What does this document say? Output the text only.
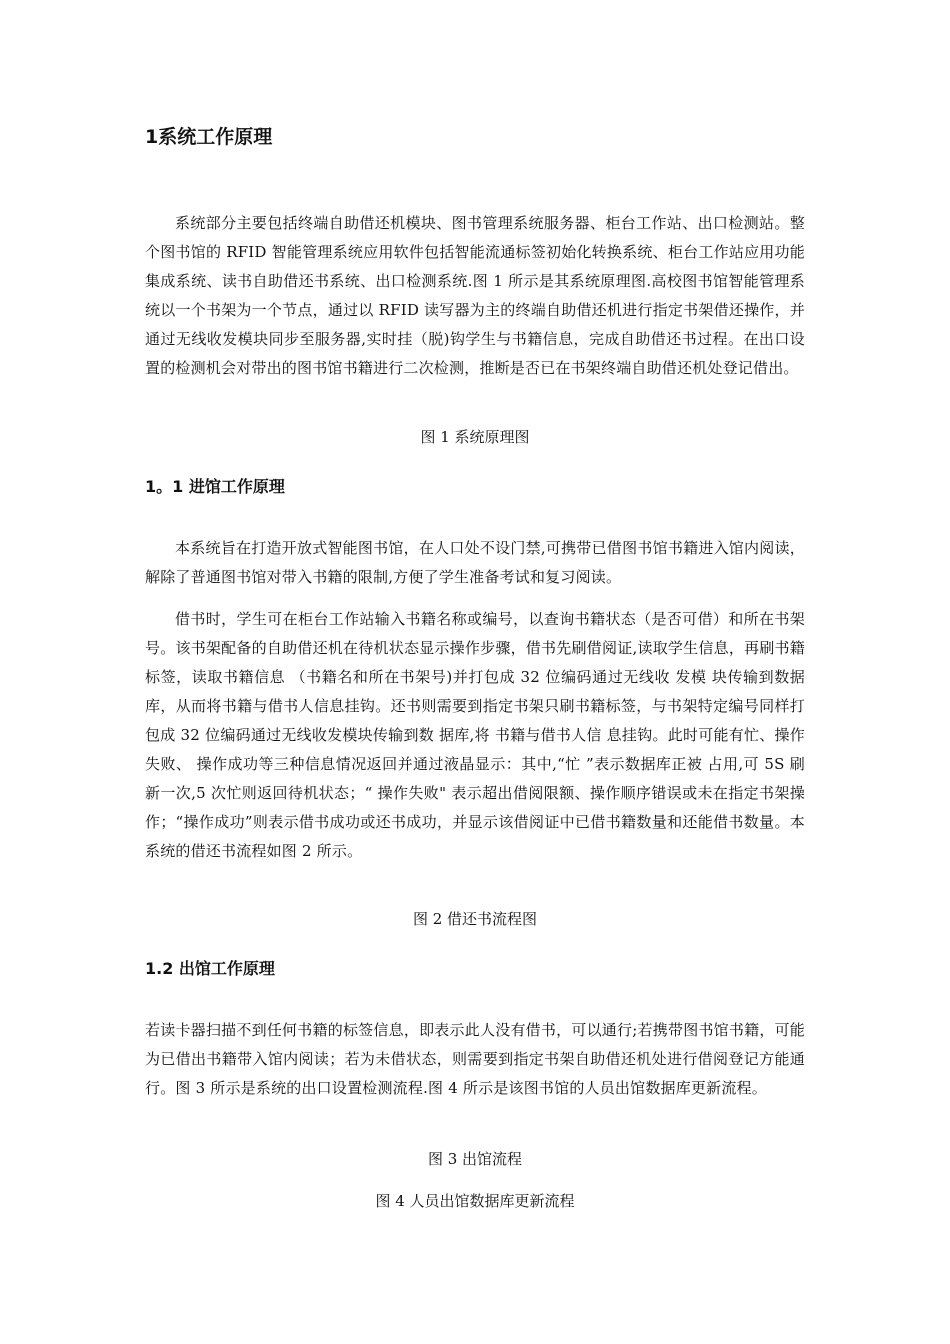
1系统工作原理

系统部分主要包括终端自助借还机模块、图书管理系统服务器、柜台工作站、出口检测站。整个图书馆的 RFID 智能管理系统应用软件包括智能流通标签初始化转换系统、柜台工作站应用功能集成系统、读书自助借还书系统、出口检测系统.图 1 所示是其系统原理图.高校图书馆智能管理系统以一个书架为一个节点，通过以 RFID 读写器为主的终端自助借还机进行指定书架借还操作，并通过无线收发模块同步至服务器,实时挂（脱)钩学生与书籍信息，完成自助借还书过程。在出口设置的检测机会对带出的图书馆书籍进行二次检测，推断是否已在书架终端自助借还机处登记借出。

图 1 系统原理图

1。1 进馆工作原理

本系统旨在打造开放式智能图书馆，在人口处不设门禁,可携带已借图书馆书籍进入馆内阅读，解除了普通图书馆对带入书籍的限制,方便了学生准备考试和复习阅读。

借书时，学生可在柜台工作站输入书籍名称或编号，以查询书籍状态（是否可借）和所在书架号。该书架配备的自助借还机在待机状态显示操作步骤，借书先刷借阅证,读取学生信息，再刷书籍标签，读取书籍信息 （书籍名和所在书架号)并打包成 32 位编码通过无线收 发模 块传输到数据库，从而将书籍与借书人信息挂钩。还书则需要到指定书架只刷书籍标签，与书架特定编号同样打包成 32 位编码通过无线收发模块传输到数 据库,将 书籍与借书人信 息挂钩。此时可能有忙、操作失败、 操作成功等三种信息情况返回并通过液晶显示：其中,“忙 ”表示数据库正被 占用,可 5S 刷新一次,5 次忙则返回待机状态；“ 操作失败" 表示超出借阅限额、操作顺序错误或未在指定书架操作；“操作成功”则表示借书成功或还书成功，并显示该借阅证中已借书籍数量和还能借书数量。本系统的借还书流程如图 2 所示。

图 2 借还书流程图

1.2 出馆工作原理

若读卡器扫描不到任何书籍的标签信息，即表示此人没有借书，可以通行;若携带图书馆书籍，可能为已借出书籍带入馆内阅读；若为未借状态，则需要到指定书架自助借还机处进行借阅登记方能通行。图 3 所示是系统的出口设置检测流程.图 4 所示是该图书馆的人员出馆数据库更新流程。

图 3 出馆流程

图 4 人员出馆数据库更新流程
